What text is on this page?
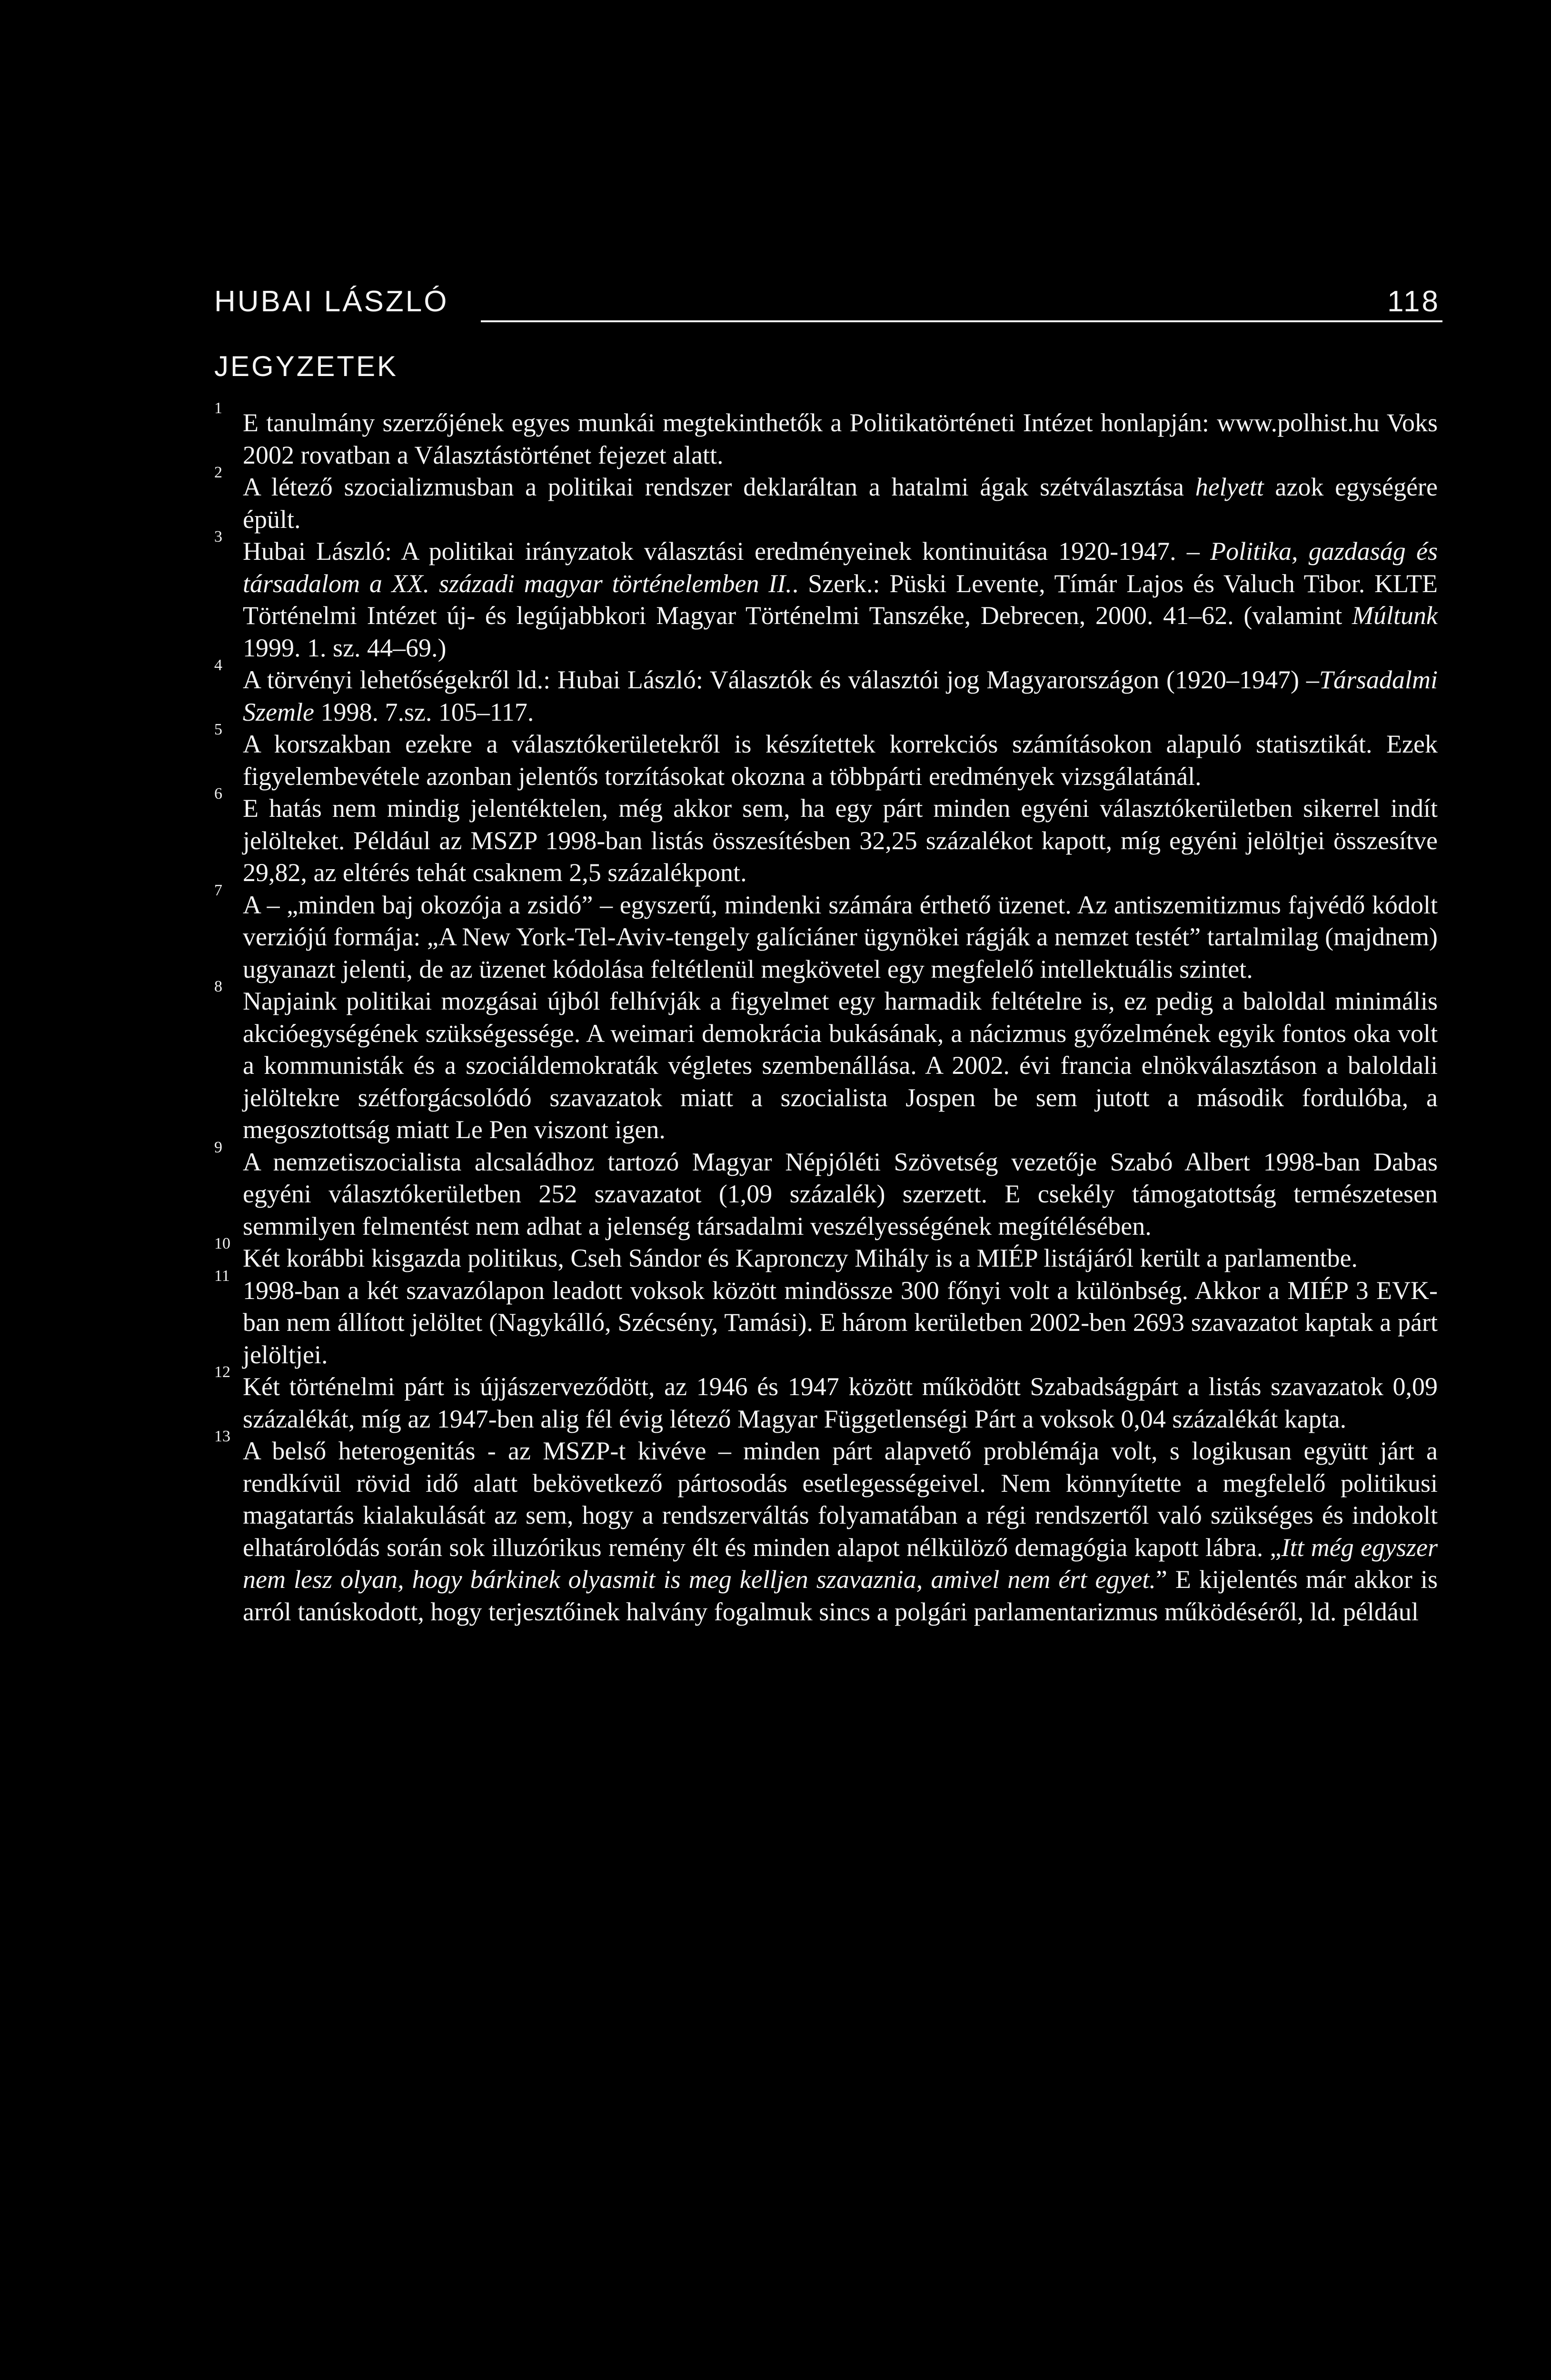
HUBAI LÁSZLÓ	118
JEGYZETEK
1

E tanulmány szerzőjének egyes munkái megtekinthetők a Politikatörténeti Intézet honlapján: www.polhist.hu Voks 2002 rovatban a Választástörténet fejezet alatt.

2

A létező szocializmusban a politikai rendszer deklaráltan a hatalmi ágak szétválasztása helyett azok egységére épült.

3

Hubai László: A politikai irányzatok választási eredményeinek kontinuitása 1920-1947. – Politika, gazdaság és társadalom a XX. századi magyar történelemben II.. Szerk.: Püski Levente, Tímár Lajos és Valuch Tibor. KLTE Történelmi Intézet új- és legújabbkori Magyar Történelmi Tanszéke, Debrecen, 2000. 41–62. (valamint Múltunk 1999. 1. sz. 44–69.)

4

A törvényi lehetőségekről ld.: Hubai László: Választók és választói jog Magyarországon (1920–1947) –Társadalmi Szemle 1998. 7.sz. 105–117.

5

A korszakban ezekre a választókerületekről is készítettek korrekciós számításokon alapuló statisztikát. Ezek figyelembevétele azonban jelentős torzításokat okozna a többpárti eredmények vizsgálatánál.

6

E hatás nem mindig jelentéktelen, még akkor sem, ha egy párt minden egyéni választókerületben sikerrel indít jelölteket. Például az MSZP 1998-ban listás összesítésben 32,25 százalékot kapott, míg egyéni jelöltjei összesítve 29,82, az eltérés tehát csaknem 2,5 százalékpont.

7

A – „minden baj okozója a zsidó” – egyszerű, mindenki számára érthető üzenet. Az antiszemitizmus fajvédő kódolt verziójú formája: „A New York-Tel-Aviv-tengely galíciáner ügynökei rágják a nemzet testét” tartalmilag (majdnem) ugyanazt jelenti, de az üzenet kódolása feltétlenül megkövetel egy megfelelő intellektuális szintet.

8

Napjaink politikai mozgásai újból felhívják a figyelmet egy harmadik feltételre is, ez pedig a baloldal minimális akcióegységének szükségessége. A weimari demokrácia bukásának, a nácizmus győzelmének egyik fontos oka volt a kommunisták és a szociáldemokraták végletes szembenállása. A 2002. évi francia elnökválasztáson a baloldali jelöltekre szétforgácsolódó szavazatok miatt a szocialista Jospen be sem jutott a második fordulóba, a megosztottság miatt Le Pen viszont igen.

9

A nemzetiszocialista alcsaládhoz tartozó Magyar Népjóléti Szövetség vezetője Szabó Albert 1998-ban Dabas egyéni választókerületben 252 szavazatot (1,09 százalék) szerzett. E csekély támogatottság természetesen semmilyen felmentést nem adhat a jelenség társadalmi veszélyességének megítélésében.

10

Két korábbi kisgazda politikus, Cseh Sándor és Kapronczy Mihály is a MIÉP listájáról került a parlamentbe.

11

1998-ban a két szavazólapon leadott voksok között mindössze 300 főnyi volt a különbség. Akkor a MIÉP 3 EVK-ban nem állított jelöltet (Nagykálló, Szécsény, Tamási). E három kerületben 2002-ben 2693 szavazatot kaptak a párt jelöltjei.

12

Két történelmi párt is újjászerveződött, az 1946 és 1947 között működött Szabadságpárt a listás szavazatok 0,09 százalékát, míg az 1947-ben alig fél évig létező Magyar Függetlenségi Párt a voksok 0,04 százalékát kapta.

13

A belső heterogenitás - az MSZP-t kivéve – minden párt alapvető problémája volt, s logikusan együtt járt a rendkívül rövid idő alatt bekövetkező pártosodás esetlegességeivel. Nem könnyítette a megfelelő politikusi magatartás kialakulását az sem, hogy a rendszerváltás folyamatában a régi rendszertől való szükséges és indokolt elhatárolódás során sok illuzórikus remény élt és minden alapot nélkülöző demagógia kapott lábra. „Itt még egyszer nem lesz olyan, hogy bárkinek olyasmit is meg kelljen szavaznia, amivel nem ért egyet.” E kijelentés már akkor is arról tanúskodott, hogy terjesztőinek halvány fogalmuk sincs a polgári parlamentarizmus működéséről, ld. például
